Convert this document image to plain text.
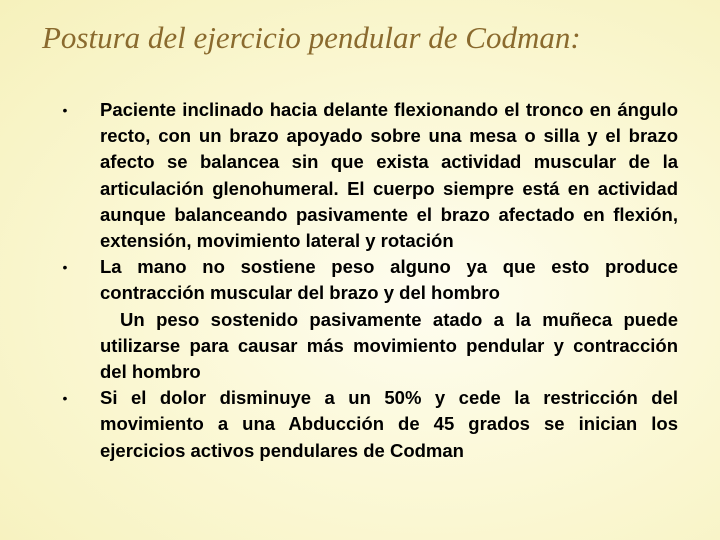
Postura del ejercicio pendular de Codman:
• Paciente inclinado hacia delante flexionando el tronco en ángulo recto, con un brazo apoyado sobre una mesa o silla y el brazo afecto se balancea sin que exista actividad muscular de la articulación glenohumeral. El cuerpo siempre está en actividad aunque balanceando pasivamente el brazo afectado en flexión, extensión, movimiento lateral y rotación
• La mano no sostiene peso alguno ya que esto produce contracción muscular del brazo y del hombro
Un peso sostenido pasivamente atado a la muñeca puede utilizarse para causar más movimiento pendular y contracción del hombro
• Si el dolor disminuye a un 50% y cede la restricción del movimiento a una Abducción de 45 grados se inician los ejercicios activos pendulares de Codman
